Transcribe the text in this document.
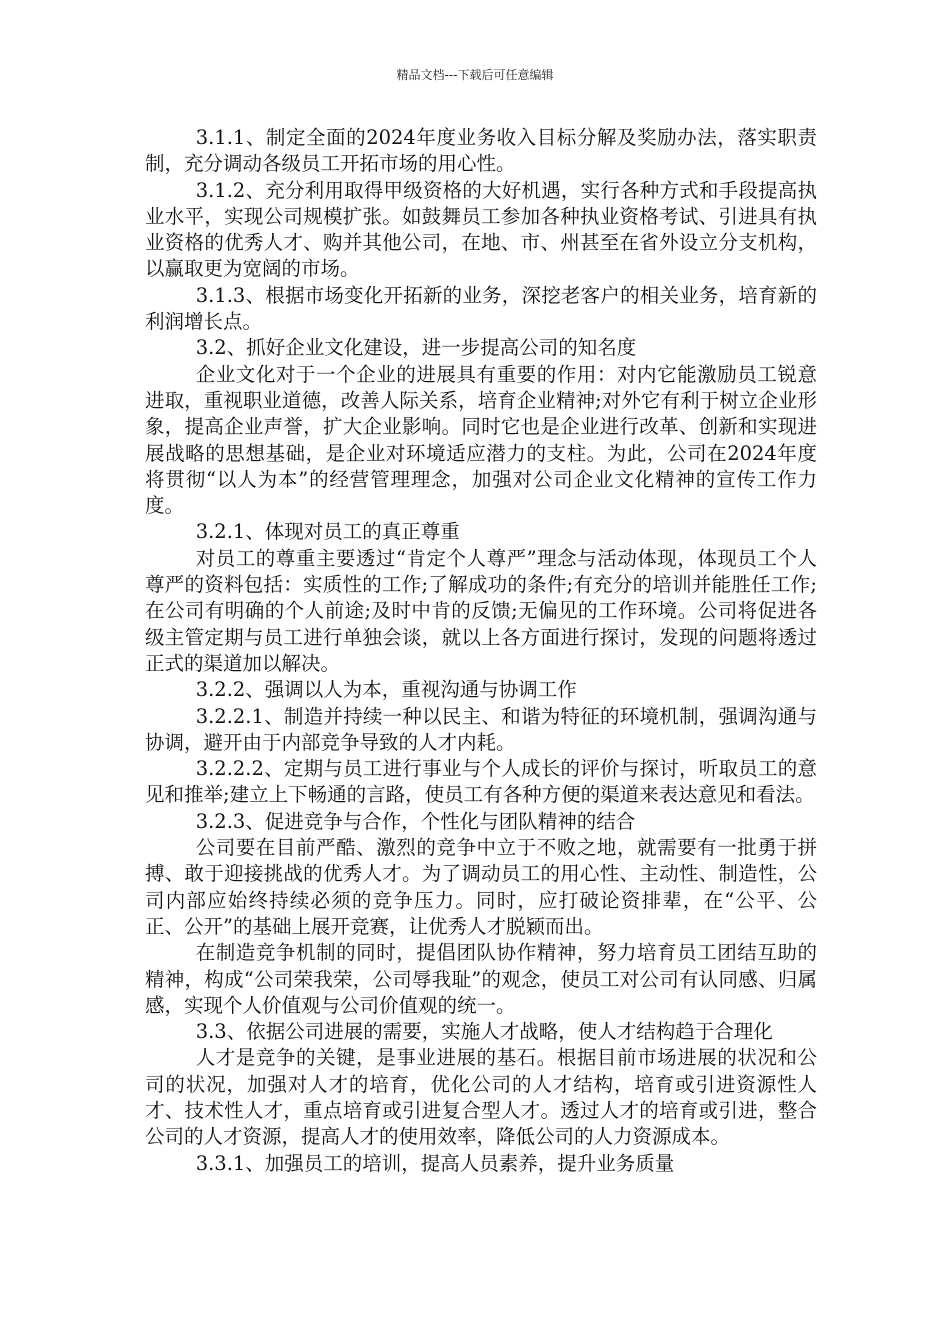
精品文档---下载后可任意编辑

3.1.1、制定全面的2024年度业务收入目标分解及奖励办法，落实职责制，充分调动各级员工开拓市场的用心性。

3.1.2、充分利用取得甲级资格的大好机遇，实行各种方式和手段提高执业水平，实现公司规模扩张。如鼓舞员工参加各种执业资格考试、引进具有执业资格的优秀人才、购并其他公司，在地、市、州甚至在省外设立分支机构，以赢取更为宽阔的市场。

3.1.3、根据市场变化开拓新的业务，深挖老客户的相关业务，培育新的利润增长点。

3.2、抓好企业文化建设，进一步提高公司的知名度

企业文化对于一个企业的进展具有重要的作用：对内它能激励员工锐意进取，重视职业道德，改善人际关系，培育企业精神;对外它有利于树立企业形象，提高企业声誉，扩大企业影响。同时它也是企业进行改革、创新和实现进展战略的思想基础，是企业对环境适应潜力的支柱。为此，公司在2024年度将贯彻“以人为本”的经营管理理念，加强对公司企业文化精神的宣传工作力度。

3.2.1、体现对员工的真正尊重

对员工的尊重主要透过“肯定个人尊严”理念与活动体现，体现员工个人尊严的资料包括：实质性的工作;了解成功的条件;有充分的培训并能胜任工作;在公司有明确的个人前途;及时中肯的反馈;无偏见的工作环境。公司将促进各级主管定期与员工进行单独会谈，就以上各方面进行探讨，发现的问题将透过正式的渠道加以解决。

3.2.2、强调以人为本，重视沟通与协调工作

3.2.2.1、制造并持续一种以民主、和谐为特征的环境机制，强调沟通与协调，避开由于内部竞争导致的人才内耗。

3.2.2.2、定期与员工进行事业与个人成长的评价与探讨，听取员工的意见和推举;建立上下畅通的言路，使员工有各种方便的渠道来表达意见和看法。

3.2.3、促进竞争与合作，个性化与团队精神的结合

公司要在目前严酷、激烈的竞争中立于不败之地，就需要有一批勇于拼搏、敢于迎接挑战的优秀人才。为了调动员工的用心性、主动性、制造性，公司内部应始终持续必须的竞争压力。同时，应打破论资排辈，在“公平、公正、公开”的基础上展开竞赛，让优秀人才脱颖而出。

在制造竞争机制的同时，提倡团队协作精神，努力培育员工团结互助的精神，构成“公司荣我荣，公司辱我耻”的观念，使员工对公司有认同感、归属感，实现个人价值观与公司价值观的统一。

3.3、依据公司进展的需要，实施人才战略，使人才结构趋于合理化

人才是竞争的关键，是事业进展的基石。根据目前市场进展的状况和公司的状况，加强对人才的培育，优化公司的人才结构，培育或引进资源性人才、技术性人才，重点培育或引进复合型人才。透过人才的培育或引进，整合公司的人才资源，提高人才的使用效率，降低公司的人力资源成本。

3.3.1、加强员工的培训，提高人员素养，提升业务质量
